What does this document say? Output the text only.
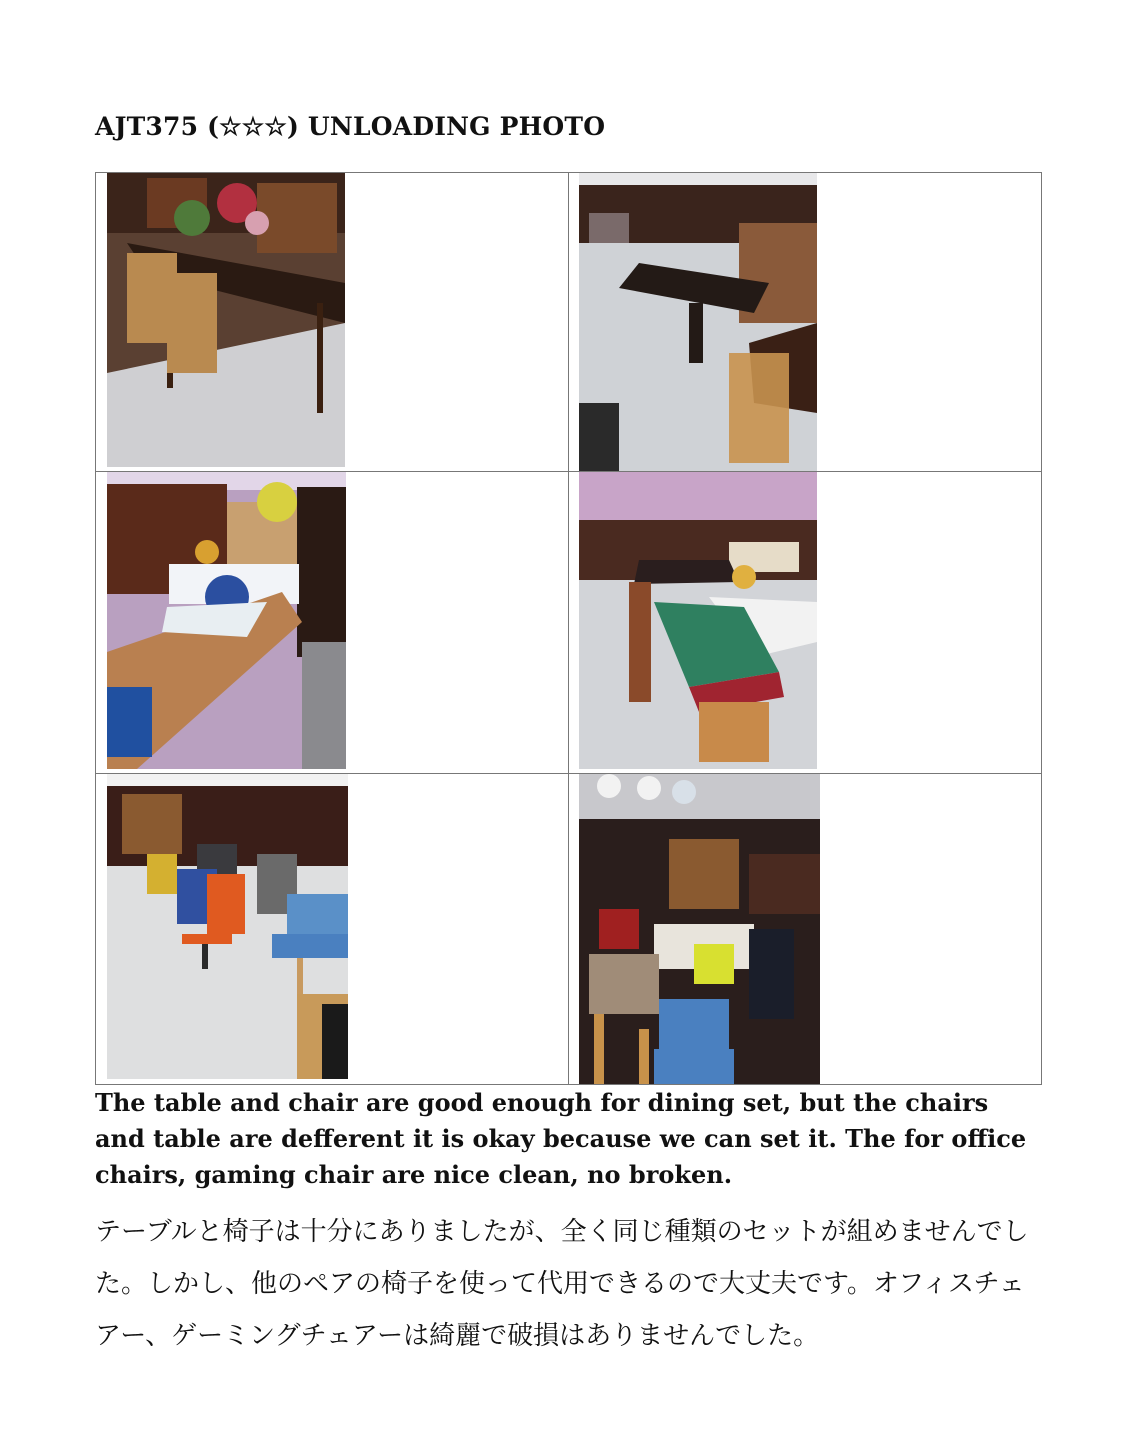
AJT375 (☆☆☆) UNLOADING PHOTO

The table and chair are good enough for dining set, but the chairs and table are defferent it is okay because we can set it. The for office chairs, gaming chair are nice clean, no broken.

テーブルと椅子は十分にありましたが、全く同じ種類のセットが組めませんでした。しかし、他のペアの椅子を使って代用できるので大丈夫です。オフィスチェアー、ゲーミングチェアーは綺麗で破損はありませんでした。
